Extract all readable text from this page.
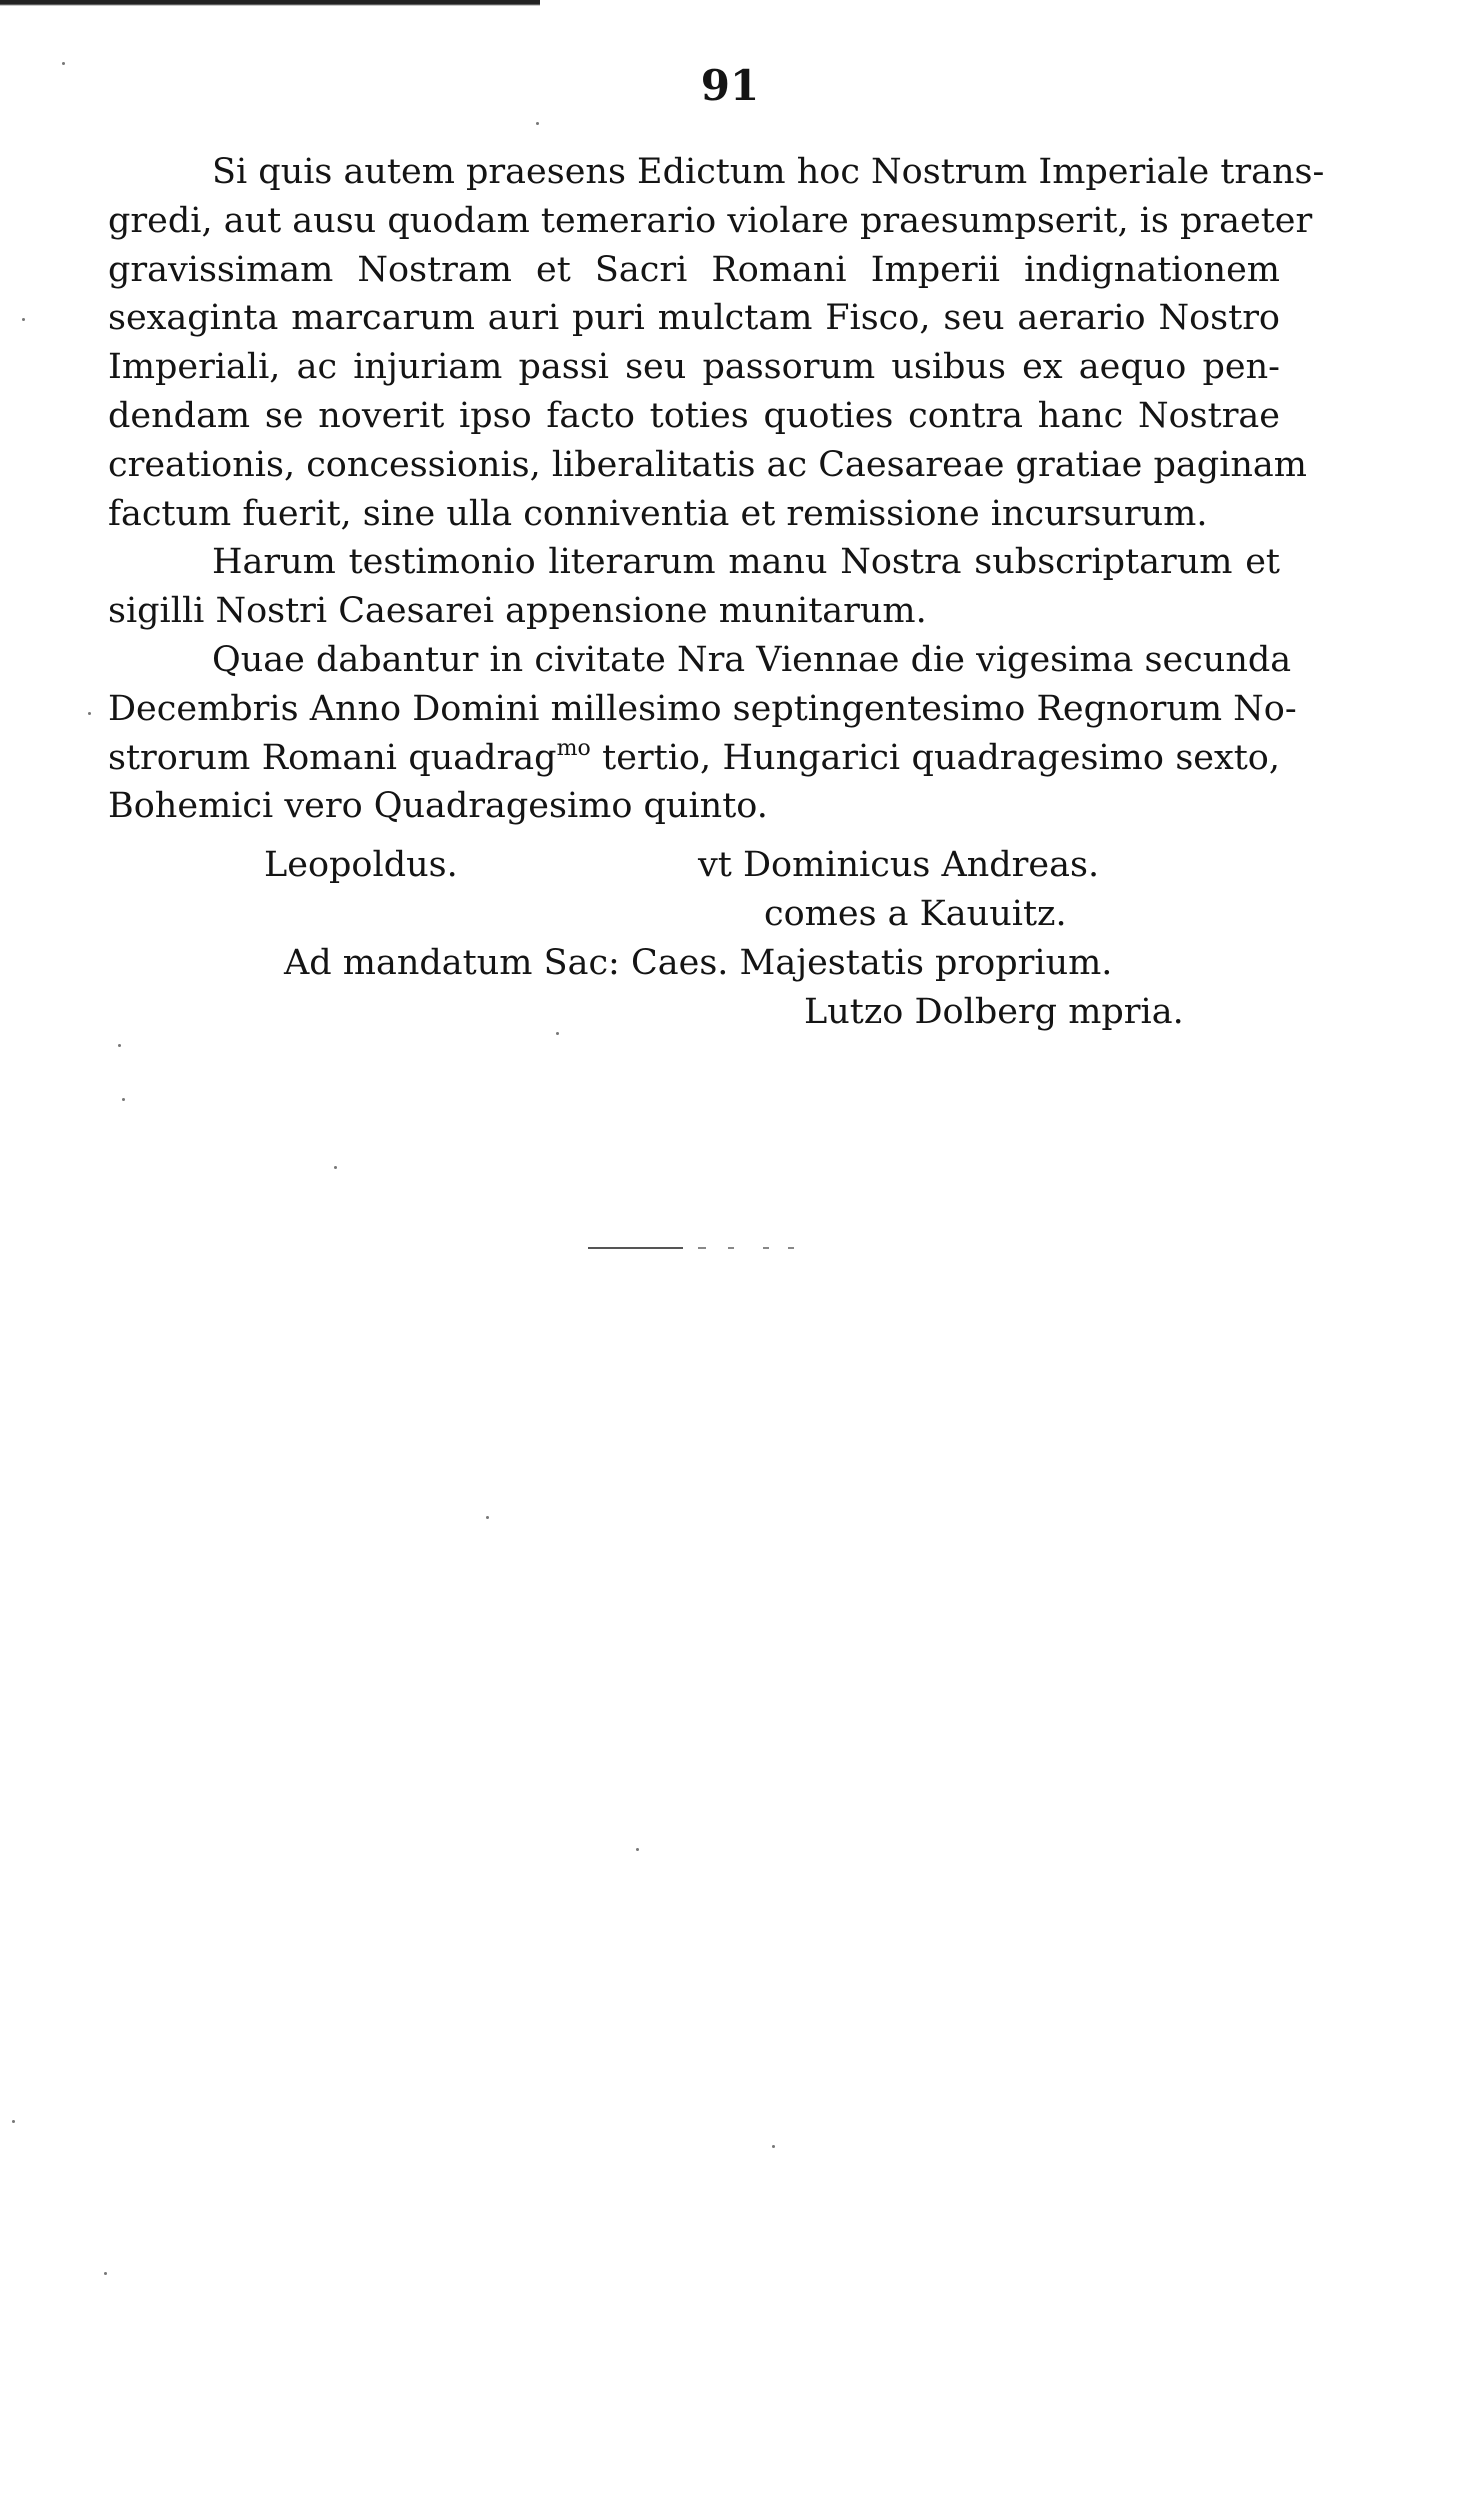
91

Si quis autem praesens Edictum hoc Nostrum Imperiale trans-
gredi, aut ausu quodam temerario violare praesumpserit, is praeter
gravissimam Nostram et Sacri Romani Imperii indignationem
sexaginta marcarum auri puri mulctam Fisco, seu aerario Nostro
Imperiali, ac injuriam passi seu passorum usibus ex aequo pen-
dendam se noverit ipso facto toties quoties contra hanc Nostrae
creationis, concessionis, liberalitatis ac Caesareae gratiae paginam
factum fuerit, sine ulla conniventia et remissione incursurum.

Harum testimonio literarum manu Nostra subscriptarum et
sigilli Nostri Caesarei appensione munitarum.

Quae dabantur in civitate Nra Viennae die vigesima secunda
Decembris Anno Domini millesimo septingentesimo Regnorum No-
strorum Romani quadrag$^{mo}$ tertio, Hungarici quadragesimo sexto,
Bohemici vero Quadragesimo quinto.

Leopoldus.	vt Dominicus Andreas.
comes a Kauuitz.
Ad mandatum Sac: Caes. Majestatis proprium.
Lutzo Dolberg mpria.
